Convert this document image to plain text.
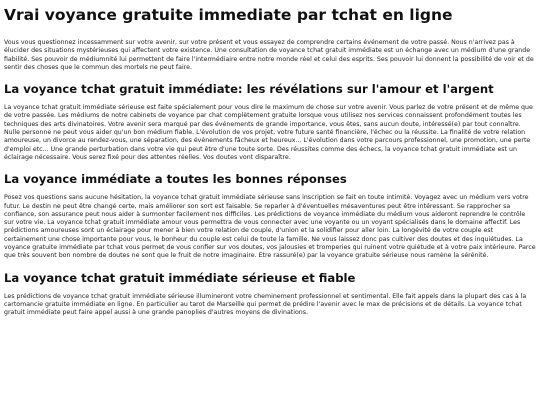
Vrai voyance gratuite immediate par tchat en ligne

Vous vous questionnez incessamment sur votre avenir, sur votre présent et vous essayez de comprendre certains événement de votre passé. Nous n'arrivez pas à élucider des situations mystérieuses qui affectent votre existence. Une consultation de voyance tchat gratuit immédiate est un échange avec un médium d'une grande fiabilité. Ses pouvoir de médiumnité lui permettent de faire l'intermédiaire entre notre monde réel et celui des esprits. Ses pouvoir lui donnent la possibilité de voir et de sentir des choses que le commun des mortels ne peut faire.

La voyance tchat gratuit immédiate: les révélations sur l'amour et l'argent

La voyance tchat gratuit immédiate sérieuse est faite spécialement pour vous dire le maximum de chose sur votre avenir. Vous parlez de votre présent et de même que de votre passée. Les médiums de notre cabinets de voyance par chat complètement gratuite lorsque vous utilisez nos services connaissent profondément toutes les techniques des arts divinatoires. Votre avenir sera marqué par des événements de grande importance, vous êtes, sans aucun doute, intéressé(e) par tout connaître. Nulle personne ne peut vous aider qu'un bon médium fiable. L'évolution de vos projet, votre future santé financière, l'échec ou la réussite. La finalité de votre relation amoureuse, un divorce au rendez-vous, une séparation, des événements fâcheux et heureux... L'évolution dans votre parcours professionnel, une promotion, une perte d'emploi etc... Une grande perturbation dans votre vie qui peut être d'une toute sorte. Des réussites comme des échecs, la voyance tchat gratuit immédiate est un éclairage nécessaire. Vous serez fixé pour des attentes réelles. Vos doutes vont disparaître.

La voyance immédiate a toutes les bonnes réponses

Posez vos questions sans aucune hésitation, la voyance tchat gratuit immédiate sérieuse sans inscription se fait en toute intimité. Voyagez avec un médium vers votre futur. Le destin ne peut être changé certe, mais améliorer son sort est faisable. Se reparler à d'éventuelles mésaventures peut être intéressant. Se rapprocher sa confiance, son assurance peut nous aider à surmonter facilement nos difficiles. Les prédictions de voyance immédiate du médium vous aideront reprendre le contrôle sur votre vie. La voyance tchat gratuit immédiate amour vous permettra de vous connecter avec une voyante ou un voyant spécialisés dans le domaine affectif. Les prédictions amoureuses sont un éclairage pour mener à bien votre relation de couple, d'union et la solidifier pour aller loin. La longévité de votre couple est certainement une chose importante pour vous, le bonheur du couple est celui de toute la famille. Ne vous laissez donc pas cultiver des doutes et des inquiétudes. La voyance gratuite immédiate par tchat vous permet de vous confier sur vos doutes, vos jalousies et tromperies qui ruinent votre quiétude et à votre paix intérieure. Parce que très souvent bon nombre de doutes ne sont que le fruit de notre imaginaire. Etre rassuré(e) par la voyance gratuite sérieuse nous ramène la sérénité.

La voyance tchat gratuit immédiate sérieuse et fiable

Les prédictions de voyance tchat gratuit immédiate sérieuse illumineront votre cheminement professionnel et sentimental. Elle fait appels dans la plupart des cas à la cartomancie gratuite immédiate en ligne. En particulier au tarot de Marseille qui permet de prédire l'avenir avec le max de précisions et de détails. La voyance tchat gratuit immédiate peut faire appel aussi à une grande panoplies d'autres moyens de divinations.
